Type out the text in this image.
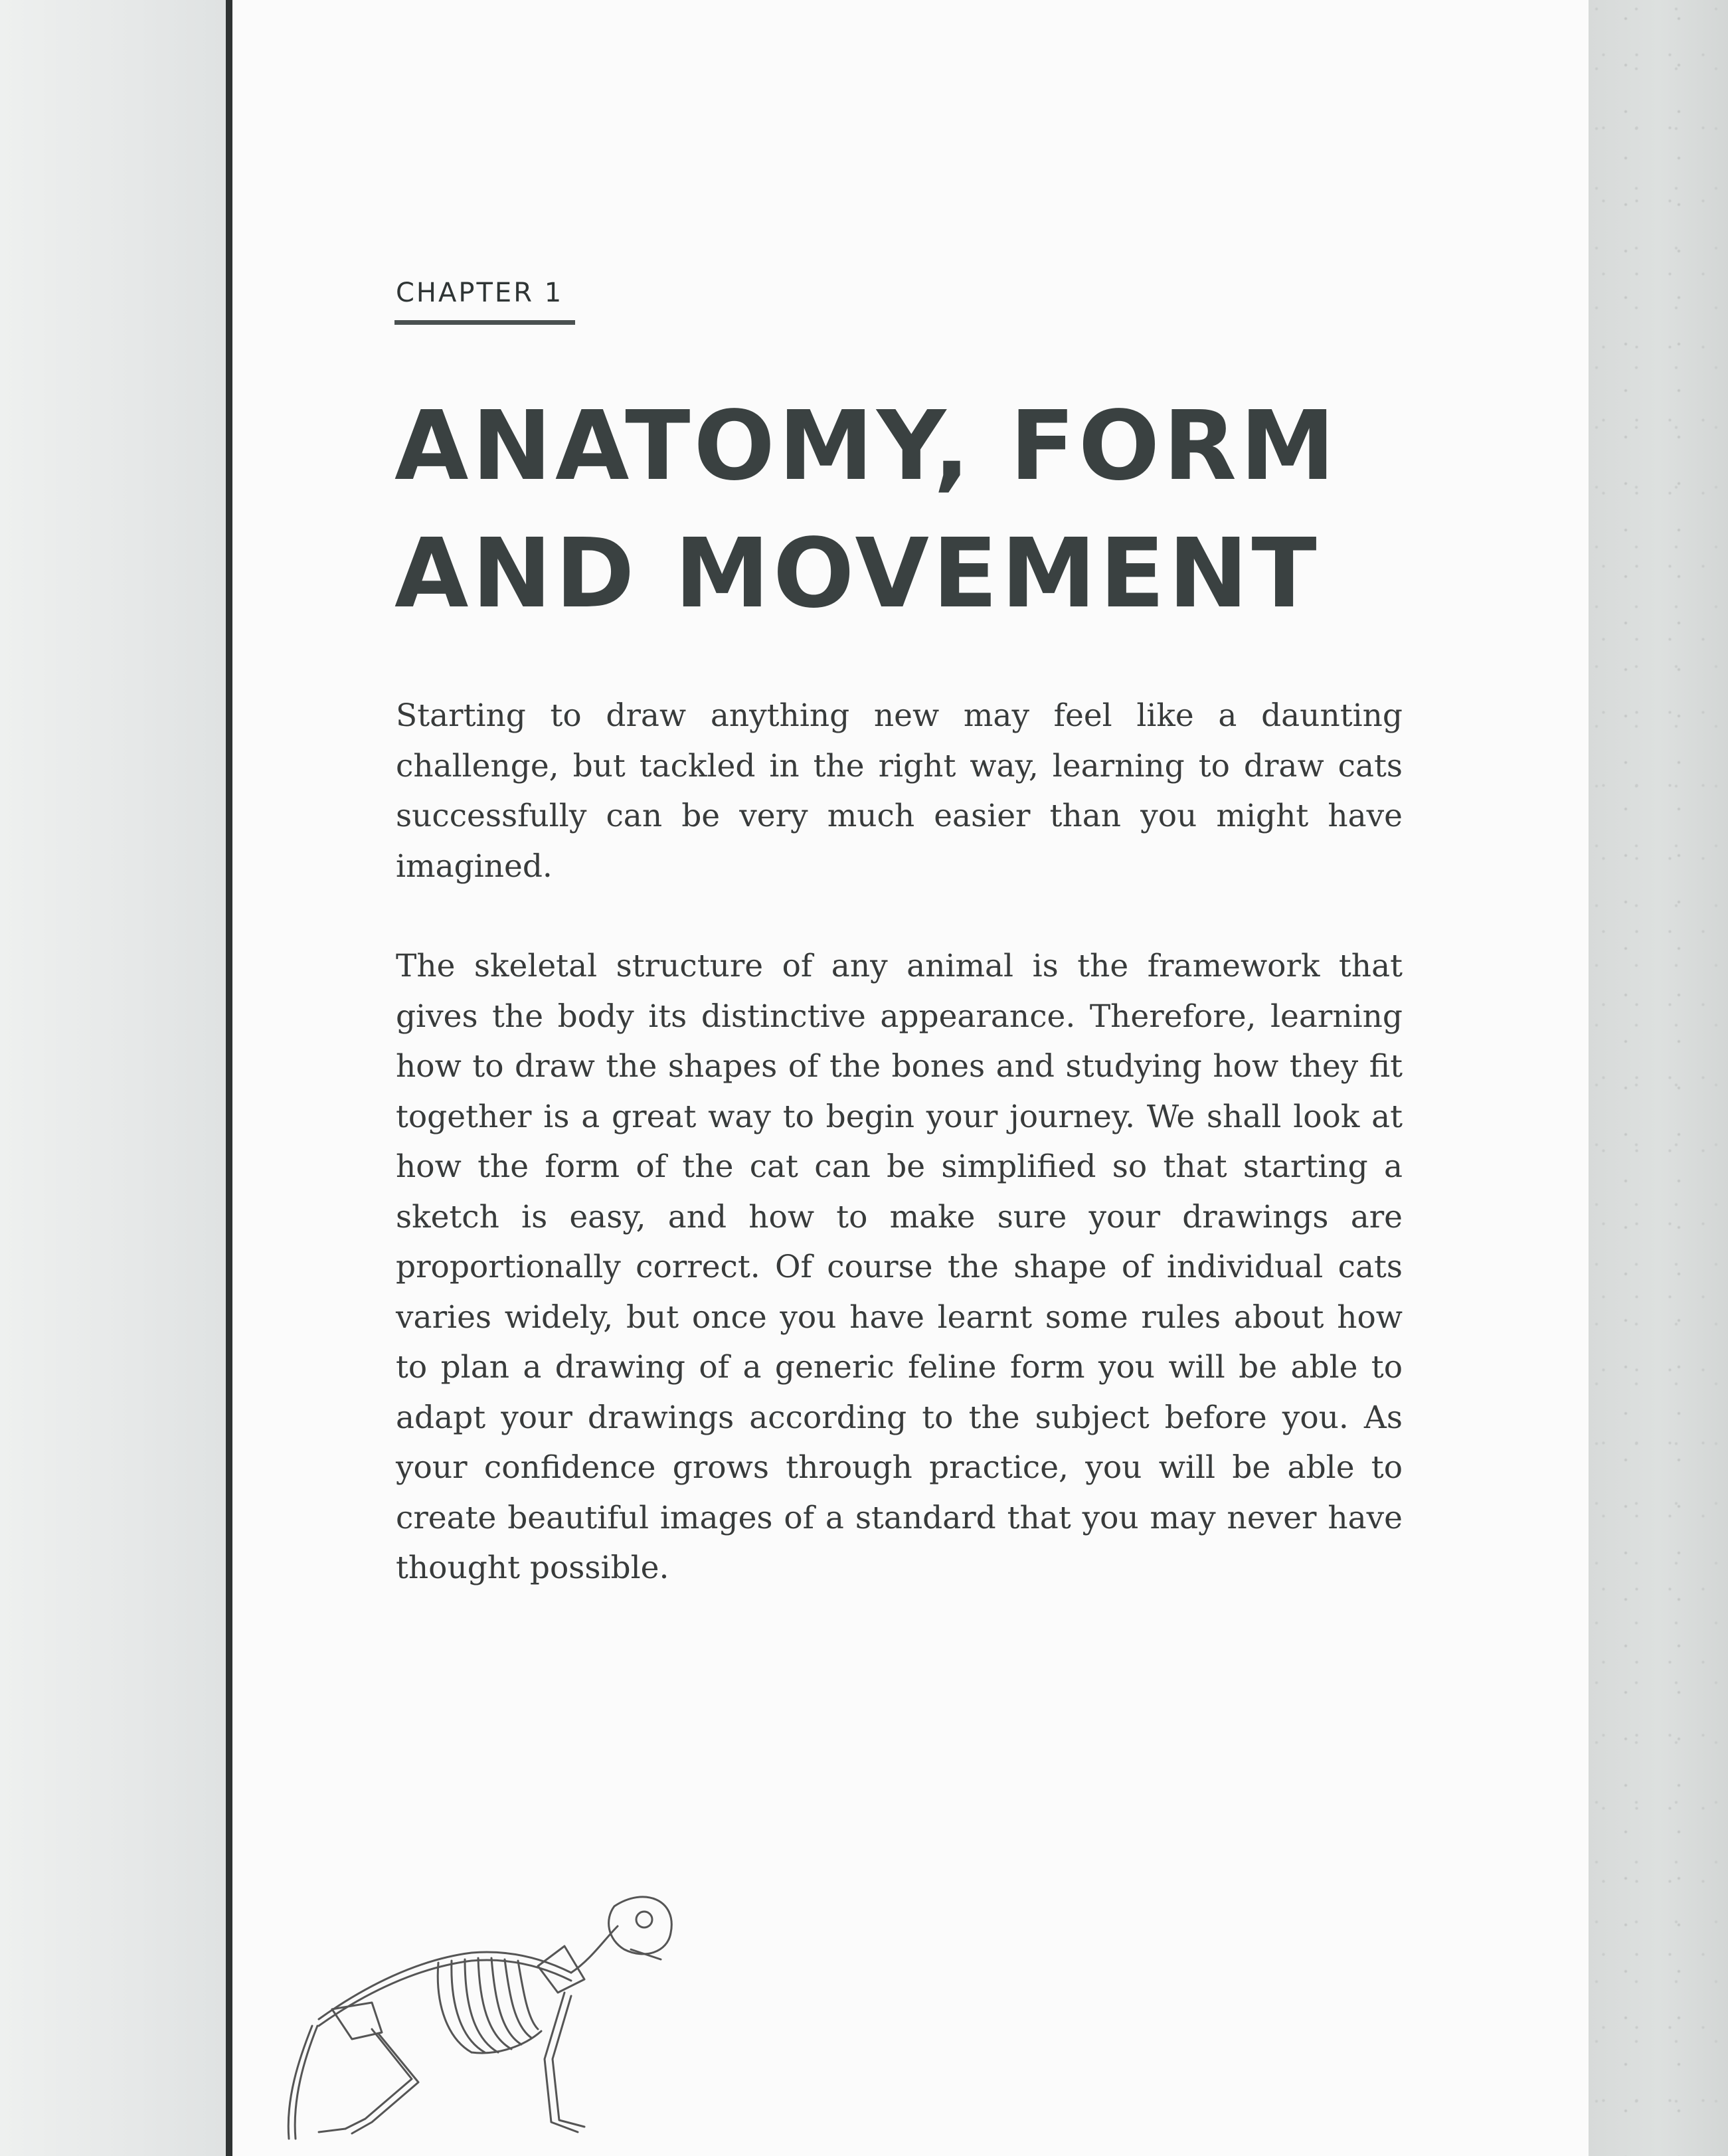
CHAPTER 1
ANATOMY, FORM
AND MOVEMENT

Starting to draw anything new may feel like a daunting challenge, but tackled in the right way, learning to draw cats successfully can be very much easier than you might have imagined.

The skeletal structure of any animal is the framework that gives the body its distinctive appearance. Therefore, learning how to draw the shapes of the bones and studying how they fit together is a great way to begin your journey. We shall look at how the form of the cat can be simplified so that starting a sketch is easy, and how to make sure your drawings are proportionally correct. Of course the shape of individual cats varies widely, but once you have learnt some rules about how to plan a drawing of a generic feline form you will be able to adapt your drawings according to the subject before you. As your confidence grows through practice, you will be able to create beautiful images of a standard that you may never have thought possible.
